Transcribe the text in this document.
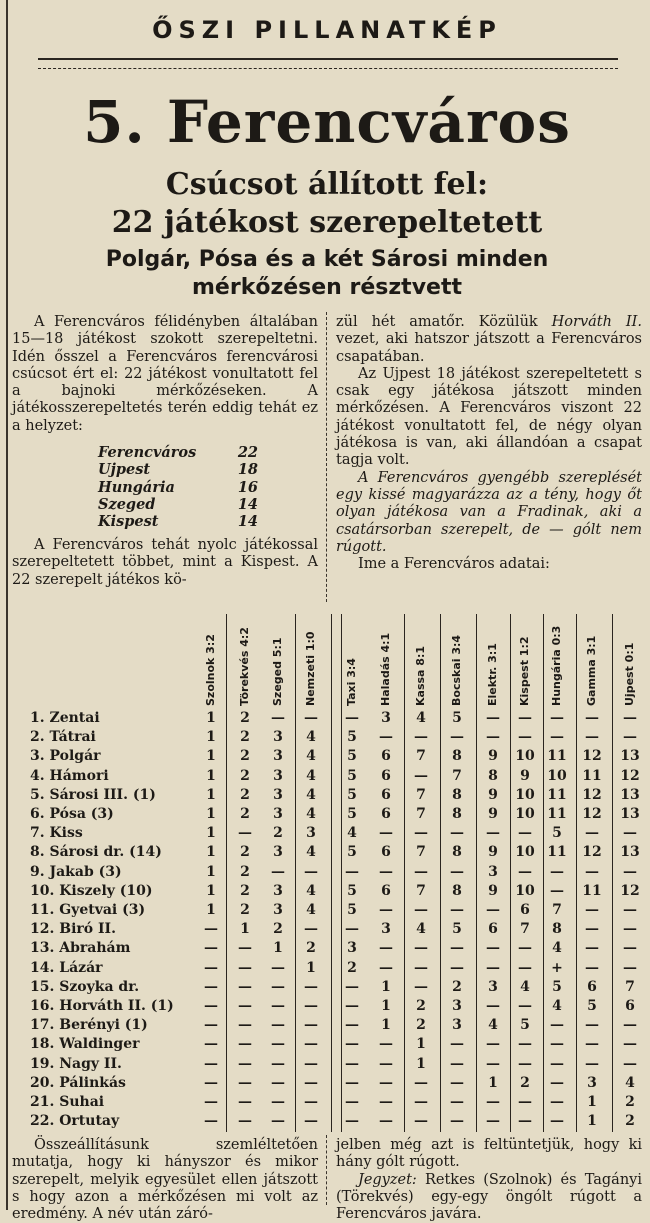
ŐSZI PILLANATKÉP
5. Ferencváros
Csúcsot állított fel:
22 játékost szerepeltetett
Polgár, Pósa és a két Sárosi minden
mérkőzésen résztvett

A Ferencváros félidényben általában 15—18 játékost szokott szerepeltetni. Idén ősszel a Ferencváros ferencvárosi csúcsot ért el: 22 játékost vonultatott fel a bajnoki mérkőzéseken. A játékosszerepeltetés terén eddig tehát ez a helyzet:

Ferencváros	22
Ujpest	18
Hungária	16
Szeged	14
Kispest	14

A Ferencváros tehát nyolc játékossal szerepeltetett többet, mint a Kispest. A 22 szerepelt játékos kö-

zül hét amatőr. Közülük Horváth II. vezet, aki hatszor játszott a Ferencváros csapatában.

Az Ujpest 18 játékost szerepeltetett s csak egy játékosa játszott minden mérkőzésen. A Ferencváros viszont 22 játékost vonultatott fel, de négy olyan játékosa is van, aki állandóan a csapat tagja volt.

A Ferencváros gyengébb szereplését egy kissé magyarázza az a tény, hogy őt olyan játékosa van a Fradinak, aki a csatársorban szerepelt, de — gólt nem rúgott.

Ime a Ferencváros adatai:

Szolnok 3:2 Törekvés 4:2 Szeged 5:1 Nemzeti 1:0	Taxi 3:4 Haladás 4:1 Kassa 8:1 Bocskai 3:4 Elektr. 3:1 Kispest 1:2 Hungária 0:3 Gamma 3:1 Ujpest 0:1
1. Zentai	1	2	—	—	—	3	4	5	—	—	—	—	—
2. Tátrai	1	2	3	4	5	—	—	—	—	—	—	—	—
3. Polgár	1	2	3	4	5	6	7	8	9	10 11 12 13
4. Hámori	1	2	3	4	5	6	—	7	8	9	10 11 12
5. Sárosi III. (1)	1	2	3	4	5	6	7	8	9	10 11 12 13
6. Pósa (3)	1	2	3	4	5	6	7	8	9	10 11 12 13
7. Kiss	1	—	2	3	4	—	—	—	—	—	5	—	—
8. Sárosi dr. (14)	1	2	3	4	5	6	7	8	9	10 11 12 13
9. Jakab (3)	1	2	—	—	—	—	—	—	3	—	—	—	—
10. Kiszely (10)	1	2	3	4	5	6	7	8	9	10	—	11 12
11. Gyetvai (3)	1	2	3	4	5	—	—	—	—	6	7	—	—
12. Biró II.	—	1	2	—	—	3	4	5	6	7	8	—	—
13. Abrahám	—	—	1	2	3	—	—	—	—	—	4	—	—
14. Lázár	—	—	—	1	2	—	—	—	—	—	+	—	—
15. Szoyka dr.	—	—	—	—	—	1	—	2	3	4	5	6	7
16. Horváth II. (1)	—	—	—	—	—	1	2	3	—	—	4	5	6
17. Berényi (1)	—	—	—	—	—	1	2	3	4	5	—	—	—
18. Waldinger	—	—	—	—	—	—	1	—	—	—	—	—	—
19. Nagy II.	—	—	—	—	—	—	1	—	—	—	—	—	—
20. Pálinkás	—	—	—	—	—	—	—	—	1	2	—	3	4
21. Suhai	—	—	—	—	—	—	—	—	—	—	—	1	2
22. Ortutay	—	—	—	—	—	—	—	—	—	—	—	1	2

Összeállításunk szemléltetően mutatja, hogy ki hányszor és mikor szerepelt, melyik egyesület ellen játszott s hogy azon a mérkőzésen mi volt az eredmény. A név után záró-

jelben még azt is feltüntetjük, hogy ki hány gólt rúgott.

Jegyzet: Retkes (Szolnok) és Tagányi (Törekvés) egy-egy öngólt rúgott a Ferencváros javára.
